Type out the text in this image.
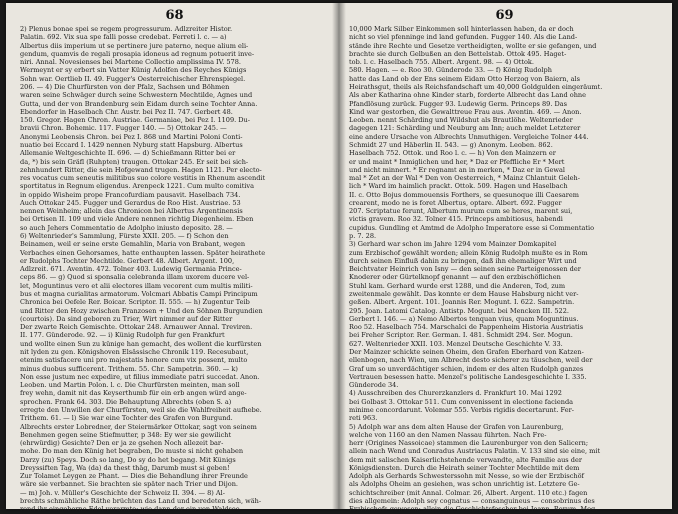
68
2) Plenus bonae spei se regem progressurum. Adlzreiter Histor.
Palatin. 692. Vix sua spe falli posse credebat. Ferreti l. c. — a)
Albertus diis imperium ut se pertinere jure paterno, neque alium eli-
gendum, quamvis de regali prosapia idoneus ad regnum potuerit inve-
niri. Annal. Novesienses bei Martene Collectio amplissima IV. 578.
Wermeynt er sy erbert sin Vatter Künig Adolfen des Reyches Künigs
Sohn war. Oertlieb II. 49. Fugger's Oesterreichischer Ehrenspiegel.
206. — 4) Die Churfürsten von der Pfalz, Sachsen und Böhmen
waren seine Schwäger durch seine Schwestern Mechtilde, Agnes und
Gutta, und der von Brandenburg sein Eidam durch seine Tochter Anna.
Ebendorfer in Haselbach Chr. Austr. bei Pez II. 747. Gerbert 48.
150. Gregor. Hagen Chron. Austriae. Germaniae, bei Pez I. 1109. Du-
bravii Chron. Bohemic. 117. Fugger 140. — 5) Ottokar 245. —
Anonymi Leobensis Chron. bei Pez I. 868 und Martini Poloni Conti-
nuatio bei Eccard I. 1429 nennen Nyburg statt Hapsburg. Albertus
Allemanie Weltgeschichte II. 696. — d) Schießmann Ritter bei er
da, *) bis sein Gräfl (Ruhpten) traugen. Ottokar 245. Er seit bei sich-
zehnhundert Ritter, die sein Hofgewand trugen. Hagen 1121. Per electo-
res vocatus cum seneutis militibus suo colore vestitis in Rhenum ascendit
sportitatus in Regnum eligendus. Arenpeck 1221. Cum multo comitiva
in oppido Wisheim prope Francofurdiam pausavit. Haselbach 734.
Auch Ottokar 245. Fugger und Gerardus de Roo Hist. Austriae. 53
nennen Weinheim; allein das Chronicon bei Albertus Argentinensis
bei Ortisen II. 109 und viele Andere nennen richtig Diegenheim. Eben
so auch Jehers Commentatio de Adolpho iniusto deposito. 28. —
6) Weltenrieder's Sammlung, Fürste XXII. 205. — f) Schon den
Beinamen, weil er seine erste Gemahlin, Maria von Brabant, wegen
Verbaches einen Gehorsames, hatte enthaupten lassen. Später heirathete
er Rudolphs Tochter Mechtilde. Gerbert 48. Albert. Argent. 100,
Adlzreit. 671. Aventin. 472. Tolner 403. Ludewig Germania Prince-
ceps 86. — g) Quod si sponsalia celebranda illam uxorem ducere vel-
let, Moguntinus vero et alii electores illam vecorent cum multis militi-
bus et magna curialitas armatorum. Volcmari Abbatis Campi Principum
Chronica bei Oefele Rer. Boicar. Scriptor. II. 555. — h) Zugentur Teib
und Ritter den Hozy zwischen Franzosen + Und den Söhnen Burgundien
(courtois). Da sind geboren zu Trier, Wirt nimmer auf der Ritter
Der zwarte Reich Gemischte. Ottokar 248. Arnauwer Annal. Treviren.
II. 177. Günderode. 92. — i) Künig Rudolph fur gen Frankfurt
und wollte einen Sun zu künige han gemacht, des wollent die kurfürsten
nit lyden zu gen. Königshoven Elsässische Chronik 119. Recesubaut,
etenim satisfacere uni pro majestatis honore cum vix possent, multo
minus duobus sufficerent. Trithem. 55. Chr. Sampetrin. 360. — k)
Non esse justum nec expedire, ut filius immediate patri succedat. Anon.
Leoben. und Martin Polon. l. c. Die Churfürsten meinten, man soll
frey wehn, damit nit das Keyserthumb für ein erb angen würd ange-
sprochen. Frank 64. 303. Die Behauptung Albrechts (oben S. a)
erregte den Unwillen der Churfürsten, weil sie die Wahlfreiheit aufhebe.
Trithem. 61. — l) Sie war eine Tochter des Grafen von Burgund.
Albrechts erster Lobredner, der Steiermärker Ottokar, sagt von seinem
Benehmen gegen seine Stiefmutter, p 348: Ey wer sie gewilicht
(ehrwürdig) Gesichte? Den er ja ze gsehen Noch allezeit bar-
mohe. Do man den Künig het begraben, Do muste si nicht gehaben
Darzy (zu) Speys. Doch so lang, Do sy do het begang. Mit Künigs
Dreyssiften Tag, Wa (da) da thest thäg, Darumb must si geben!
Zur Tolamet Leygen ze Phant. — Dies die Behandlung ihrer Freunde
wäre sie verbannet. Sie brachten sie später nach Trier und Dijon.
— m) Joh. v. Müller's Geschichte der Schweiz II. 394. — 8) Al-
brechts schmähliche Räthe brüchten das Land und beredeten sich, wäh-
rend ihr eingeborne Edel verarmte; wie dann der ein von Waldsee
69
10,000 Mark Silber Einkommen soll hinterlassen haben, da er doch
nicht so viel pfenninge ind land gefunden. Fugger 140. Als die Land-
stände ihre Rechte und Gesetze vertheidigten, wollte er sie gefangen, und
brachte sie durch Gelbußen an den Bettelstab. Ottok 495. Haget-
tob. l. c. Haselbach 755. Albert. Argent. 98. — 4) Ottok.
580. Hagen. — e. Roo 30. Günderode 33. — f) König Rudolph
hatte das Land ob der Ens seinem Eidam Otto Herzog von Baiern, als
Heirathsgut, theils als Reichsfandschaft um 40,000 Goldgulden eingeräumt.
Als aber Katharina ohne Kinder starb, forderte Albrecht das Land ohne
Pfandlösung zurück. Fugger 93. Ludewig Germ. Princeps 89. Das
Kind war gestorben, die Gewalttreue Frau aus. Aventin. 469. — Anon.
Leoben. nennt Schärding und Wildshut als Brautlöhe. Weltenrieder
dagegen 121: Schärding und Neuburg am Inn; auch meldet Letzterer
eine andere Ursache von Albrechts Unmuthigen. Vergleiche Tolner 444.
Schmidt 27 und Häberlin II. 543. — g) Anonym. Leoben. 862.
Haselbach 752. Ottok. und Roo l. c. — h) Von den Mainzern er
er und maint * Inmiglichen und her, * Daz er Pfeffliche Er * Mert
und nicht minnert. * Er regnamt an in merken, * Daz er in Gewal
mal * Zet an der Wal * Den von Oesterreich, * Mainz Chlantuit Geleh-
lich * Ward im haimlich prackt. Ottok. 509. Hagen und Haselbach
II. c. Otto Bojus dommouensis Forthers, se quesunoque illi Caesarem
crearent, modo ne is foret Albertus, optare. Albert. 692. Fugger
207. Scriptatue ferunt, Albertum murum cum se heres, marent sui,
victis gravem. Roo 32. Tolner 415. Princeps ambitiosus, habendi
cupidus. Gundling et Amtmd de Adolpho Imperatore esse si Commentatio
p. 7. 28.
3) Gerhard war schon im Jahre 1294 vom Mainzer Domkapitel
zum Erzbischof gewählt worden; allein König Rudolph mußte es in Rom
durch seinen Einfluß dahin zu bringen, daß ihn ehemaliger Wirt und
Beichtvater Heinrich von Isny — den seinen seine Parteigenossen der
Knoderer oder Gürtelknopf genannt — auf den erzbischöflichen
Stuhl kam. Gerhard wurde erst 1288, und die Anderen, Tod, zum
zweitenmale gewählt. Das konnte er dem Hause Habsburg nicht ver-
geßen. Albert. Argent. 101. Joannis Rer. Mogunt. I. 622. Sampetrin.
295. Joan. Latomi Catalog. Antistp. Mogunt. bei Mencken III. 522.
Gerbert l. 146. — a) Nemo Albertos tenquan vius, quam Moguntinus.
Roo 52. Haselbach 754. Marschalci de Pappenheim Historia Austriatis
bei Freher Scriptor. Rer. German. I. 481. Schmidt 294. Ser. Mogun.
627. Weltenrieder XXII. 103. Menzel Deutsche Geschichte V. 33.
Der Mainzer schickte seinen Oheim, den Grafen Eberhard von Katzen-
ellenbogen, nach Wien, um Albrecht desto sicherer zu täuschen, weil der
Graf um so unverdächtiger schien, indem er des alten Rudolph ganzes
Vertrauen besessen hatte. Menzel's politische Landesgeschichte I. 335.
Günderode 34.
4) Ausschreiben des Churerzkanzlers d. Frankfurt 10. Mai 1292
bei Golbast 3. Ottokar 511. Cum convenissent in electione facienda
minime concordarunt. Volemar 555. Verbis rigidis decertarunt. Fer-
reti 963.
5) Adolph war ans dem alten Hause der Grafen von Laurenburg,
welche von 1160 an den Namen Nassau führten. Nach Fre-
herr (Origines Nassoicae) stammen die Laurenburger von den Salicern;
allein nach Wend und Conradus Austriacus Palatin. V. 133 sind sie eine, mit
dem mit salischen Kaiserlichstehende verwandte, alte Familie aus der
Königsdiensten. Durch die Heirath seiner Tochter Mechtilde mit dem
Adolph als Gerhards Schwesterssohn mit Nesse, so wie der Erzbischöf
als Adolphs Oheim an gesiehen, was schon unrichtig ist. Letztere Ge-
schichtschreiber (mit Annal. Colmar. 26, Albert. Argent. 110 etc.) fagen
dies allgemein: Adolph sey cognatus — consanguineus — consobrinus des
Erzbischofs gewesen; allein die Geschichtsfoscher bei Joann. Rerum. Mog.
